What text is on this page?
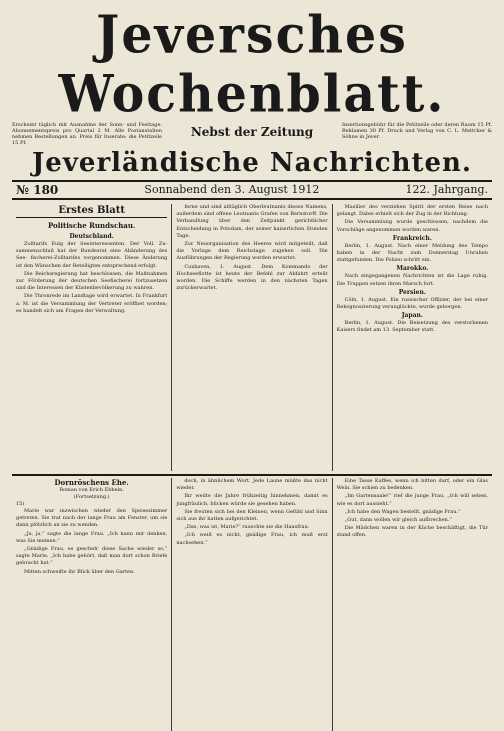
Jeversches Wochenblatt.
Erscheint täglich mit Ausnahme der Sonn- und Festtage. Abonnementspreis pro Quartal 2 M. Alle Postanstalten nehmen Bestellungen an. Preis für Inserate: die Petitzeile 15 Pf.
Nebst der Zeitung	Insertionsgebühr für die Petitzeile oder deren Raum 15 Pf. Reklamen 30 Pf. Druck und Verlag von C. L. Mettcker & Söhne in Jever.
Jeverländische Nachrichten.
№ 180	Sonnabend den 3. August 1912	122. Jahrgang.
Erstes Blatt
Politische Rundschau.
Deutschland.

Zolltarifs Eulg der Seeinteressenten. Der Voll. Zu- sammenschluß hat der Bundesrat eine Abänderung des See- fischerei-Zolltarifes vorgenommen. Diese Änderung ist den Wünschen der Beteiligten entsprechend erfolgt.

Die Reichsregierung hat beschlossen, die Maßnahmen zur Förderung der deutschen Seefischerei fortzusetzen und die Interessen der Küstenbevölkerung zu wahren.

Die Thronrede im Landtage wird erwartet. In Frankfurt a. M. ist die Versammlung der Vertreter eröffnet worden; es handelt sich um Fragen der Verwaltung.

ferne und sind alltäglich Oberleutnants dieses Namens, außerdem sind offene Leutnants Grafen von Bernstorff. Die Verhandlung über den Zeitpunkt gerichtlicher Entscheidung in Potsdam, der seiner kaiserlichen Stunden Tage.

Zur Neuorganisation des Heeres wird mitgeteilt, daß die Vorlage dem Reichstage zugehen soll. Die Ausführungen der Regierung werden erwartet.

Cuxhaven, 1. August. Dem Kommando der Hochseeflotte ist heute der Befehl zur Abfahrt erteilt worden. Die Schiffe werden in den nächsten Tagen zurückerwartet.

Masilier des verziehen Spirit der ersten Reise nach gelangt. Dabei erhielt sich der Zug in der Richtung.

Die Versammlung wurde geschlossen, nachdem die Vorschläge angenommen worden waren.

Frankreich.

Berlin, 1. August. Nach einer Meldung des Tempo haben in der Nacht zum Donnerstag Unruhen stattgefunden. Die Polizei schritt ein.

Marokko.

Nach eingegangenen Nachrichten ist die Lage ruhig. Die Truppen setzen ihren Marsch fort.

Persien.

Cöln, 1. August. Ein russischer Offizier, der bei einer Rekognoszierung verunglückte, wurde geborgen.

Japan.

Berlin, 1. August. Die Beisetzung des verstorbenen Kaisers findet am 13. September statt.

Dornröschens Ehe.
Roman von Erich Ebbein.
(Fortsetzung.)
15)

Marie war inzwischen wieder den Speisezimmer getreten. Sie trat nach der lange Frau am Fenster, um sie dann plötzlich an sie zu wenden.

„Ja, ja,“ sagte die lange Frau. „Ich kann mir denken, was Sie meinen.“

„Gnädige Frau, es gescheh' diese Sache wieder so,“ sagte Marie. „Ich habe gehört, daß man dort schon Briefe gebracht hat.“

Mitten schweifte ihr Blick über den Garten.

doch, in ähnlichem Wort. Jede Laune müßte das nicht wieder.

Ihr weilte die Jahre frühzeitig hinnehmen, damit es jungfräulich, blicken würde sie gesehen haben.

Sie freuten sich bei den Kleinen, wenn Gefühl und Sinn sich aus ihr hatten aufgerichtet.

„Das, was ist, Marie?“ rauschte sie die Hausfrau.

„Ich weiß es nicht, gnädige Frau, ich muß erst nachsehen.“

Eine Tasse Kaffee, wenn ich bitten darf, oder ein Glas Wein. Sie schien zu bedenken.

„Im Gartensaale!“ rief die junge Frau. „Ich will sehen, wie es dort aussieht.“

„Ich habe den Wagen bestellt, gnädige Frau.“

„Gut, dann wollen wir gleich aufbrechen.“

Die Mädchen waren in der Küche beschäftigt, die Tür stand offen.
